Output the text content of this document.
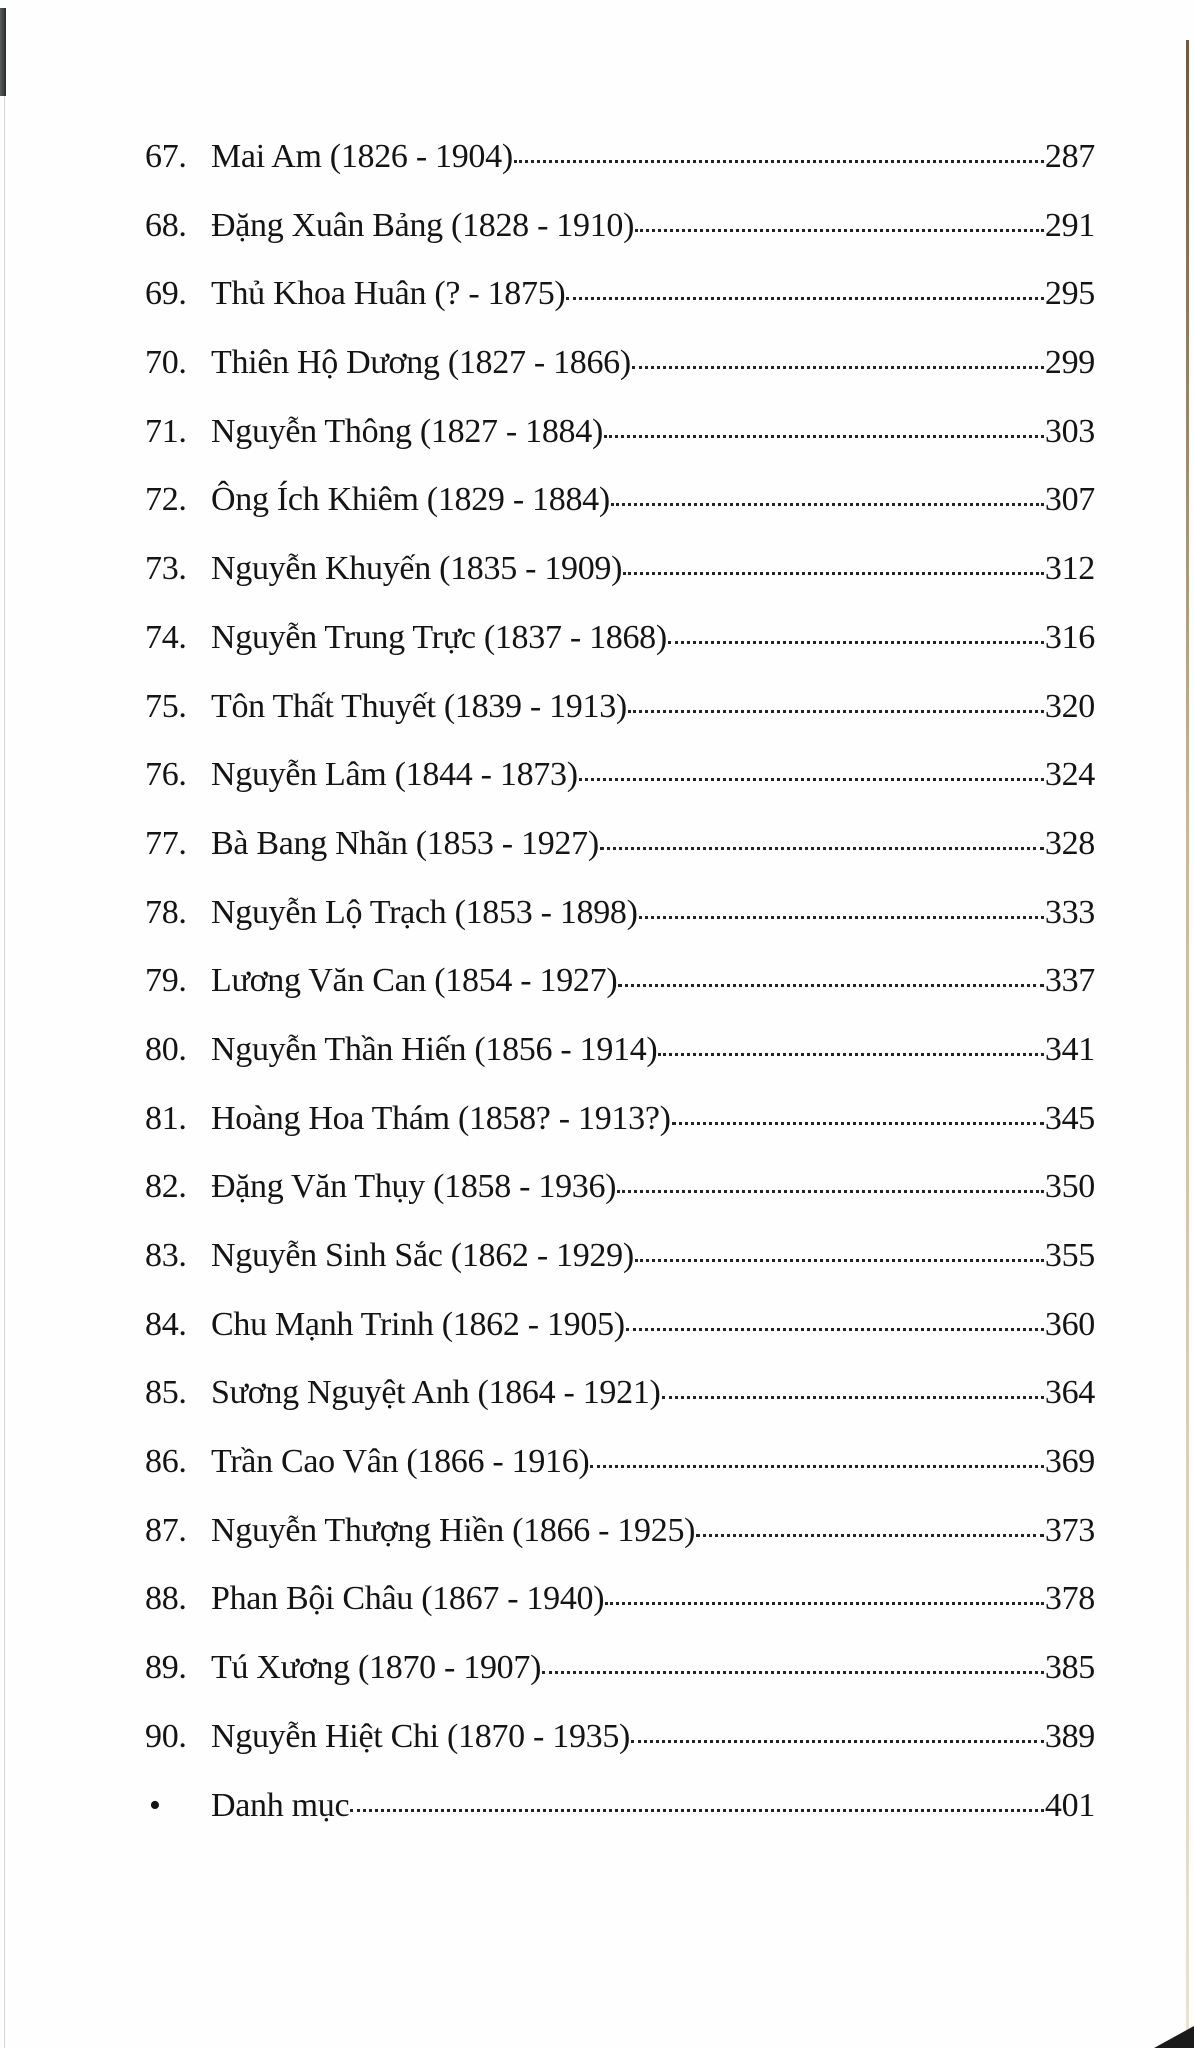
67. Mai Am (1826 - 1904)	287
68. Đặng Xuân Bảng (1828 - 1910)	291
69. Thủ Khoa Huân (? - 1875)	295
70. Thiên Hộ Dương (1827 - 1866)	299
71. Nguyễn Thông (1827 - 1884)	303
72. Ông Ích Khiêm (1829 - 1884)	307
73. Nguyễn Khuyến (1835 - 1909)	312
74. Nguyễn Trung Trực (1837 - 1868)	316
75. Tôn Thất Thuyết (1839 - 1913)	320
76. Nguyễn Lâm (1844 - 1873)	324
77. Bà Bang Nhãn (1853 - 1927)	328
78. Nguyễn Lộ Trạch (1853 - 1898)	333
79. Lương Văn Can (1854 - 1927)	337
80. Nguyễn Thần Hiến (1856 - 1914)	341
81. Hoàng Hoa Thám (1858? - 1913?)	345
82. Đặng Văn Thụy (1858 - 1936)	350
83. Nguyễn Sinh Sắc (1862 - 1929)	355
84. Chu Mạnh Trinh (1862 - 1905)	360
85. Sương Nguyệt Anh (1864 - 1921)	364
86. Trần Cao Vân (1866 - 1916)	369
87. Nguyễn Thượng Hiền (1866 - 1925)	373
88. Phan Bội Châu (1867 - 1940)	378
89. Tú Xương (1870 - 1907)	385
90. Nguyễn Hiệt Chi (1870 - 1935)	389
•	Danh mục	401
